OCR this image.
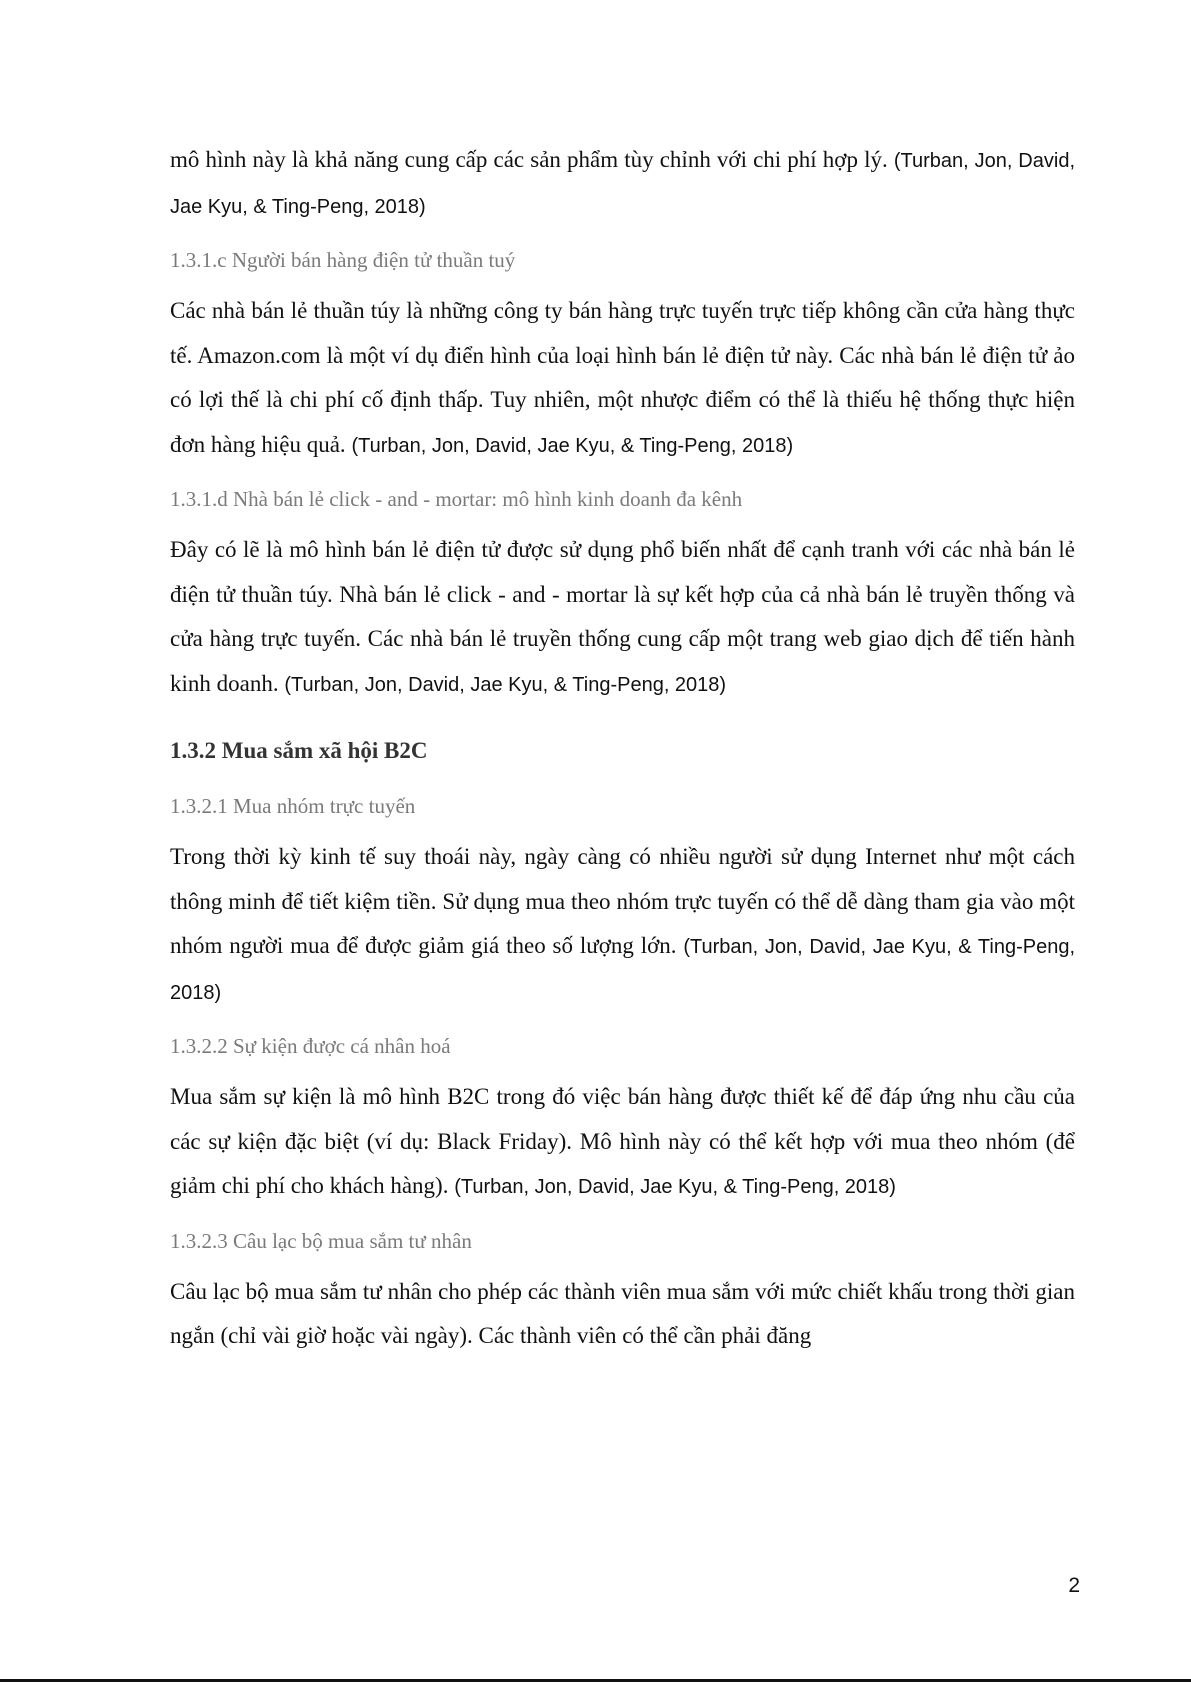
mô hình này là khả năng cung cấp các sản phẩm tùy chỉnh với chi phí hợp lý. (Turban, Jon, David, Jae Kyu, & Ting-Peng, 2018)

1.3.1.c Người bán hàng điện tử thuần tuý

Các nhà bán lẻ thuần túy là những công ty bán hàng trực tuyến trực tiếp không cần cửa hàng thực tế. Amazon.com là một ví dụ điển hình của loại hình bán lẻ điện tử này. Các nhà bán lẻ điện tử ảo có lợi thế là chi phí cố định thấp. Tuy nhiên, một nhược điểm có thể là thiếu hệ thống thực hiện đơn hàng hiệu quả. (Turban, Jon, David, Jae Kyu, & Ting-Peng, 2018)

1.3.1.d Nhà bán lẻ click - and - mortar: mô hình kinh doanh đa kênh

Đây có lẽ là mô hình bán lẻ điện tử được sử dụng phổ biến nhất để cạnh tranh với các nhà bán lẻ điện tử thuần túy. Nhà bán lẻ click - and - mortar là sự kết hợp của cả nhà bán lẻ truyền thống và cửa hàng trực tuyến. Các nhà bán lẻ truyền thống cung cấp một trang web giao dịch để tiến hành kinh doanh. (Turban, Jon, David, Jae Kyu, & Ting-Peng, 2018)

1.3.2 Mua sắm xã hội B2C
1.3.2.1 Mua nhóm trực tuyến

Trong thời kỳ kinh tế suy thoái này, ngày càng có nhiều người sử dụng Internet như một cách thông minh để tiết kiệm tiền. Sử dụng mua theo nhóm trực tuyến có thể dễ dàng tham gia vào một nhóm người mua để được giảm giá theo số lượng lớn. (Turban, Jon, David, Jae Kyu, & Ting-Peng, 2018)

1.3.2.2 Sự kiện được cá nhân hoá

Mua sắm sự kiện là mô hình B2C trong đó việc bán hàng được thiết kế để đáp ứng nhu cầu của các sự kiện đặc biệt (ví dụ: Black Friday). Mô hình này có thể kết hợp với mua theo nhóm (để giảm chi phí cho khách hàng). (Turban, Jon, David, Jae Kyu, & Ting-Peng, 2018)

1.3.2.3 Câu lạc bộ mua sắm tư nhân

Câu lạc bộ mua sắm tư nhân cho phép các thành viên mua sắm với mức chiết khấu trong thời gian ngắn (chỉ vài giờ hoặc vài ngày). Các thành viên có thể cần phải đăng

2
